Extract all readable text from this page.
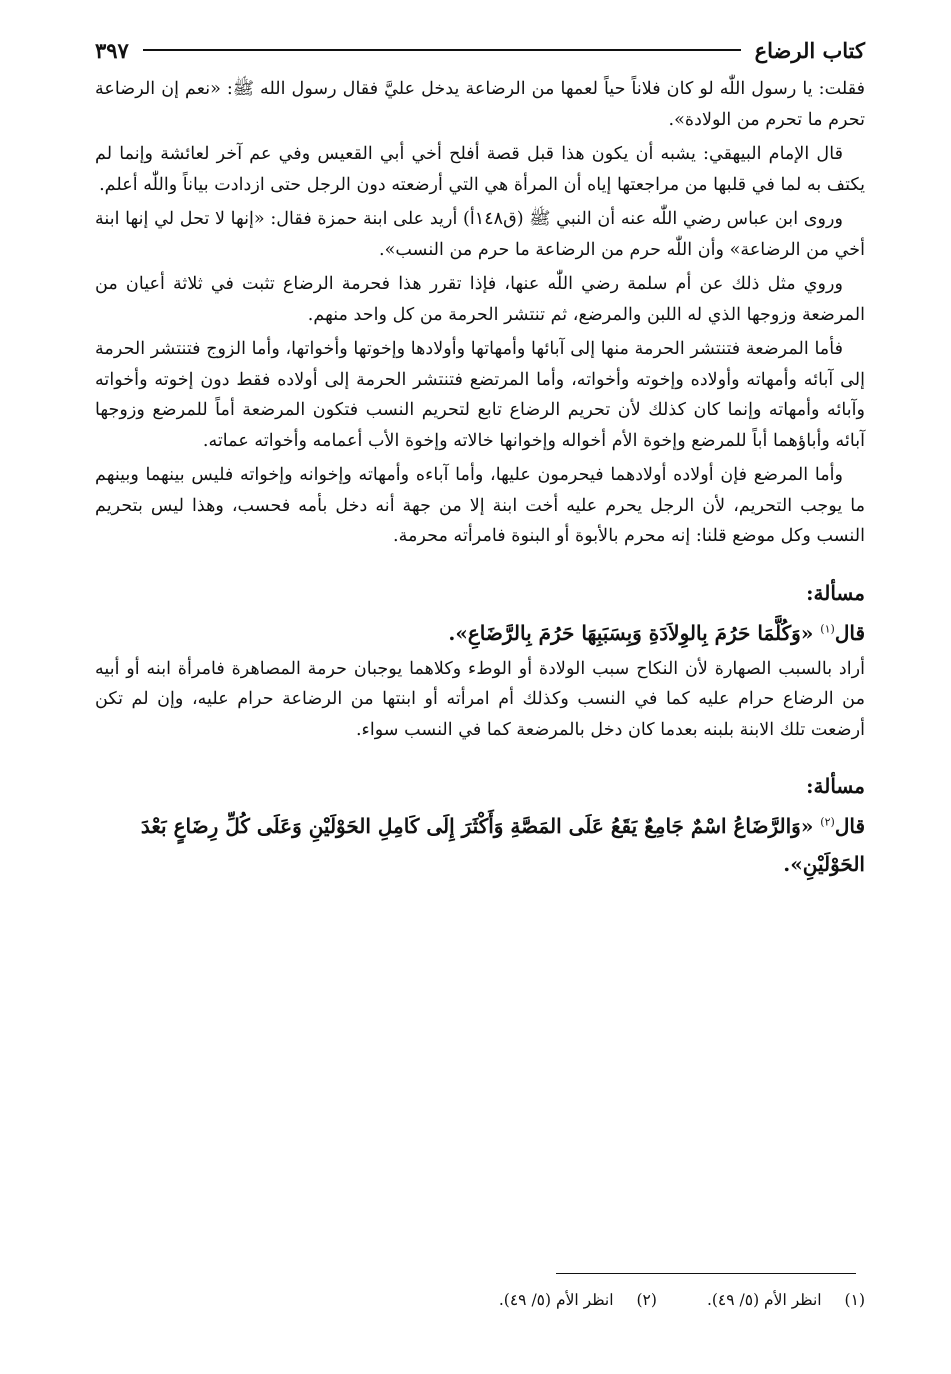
كتاب الرضاع
٣٩٧

فقلت: يا رسول اللّٰه لو كان فلاناً حياً لعمها من الرضاعة يدخل عليَّ فقال رسول الله ﷺ: «نعم إن الرضاعة تحرم ما تحرم من الولادة».

قال الإمام البيهقي: يشبه أن يكون هذا قبل قصة أفلح أخي أبي القعيس وفي عم آخر لعائشة وإنما لم يكتف به لما في قلبها من مراجعتها إياه أن المرأة هي التي أرضعته دون الرجل حتى ازدادت بياناً واللّٰه أعلم.

وروى ابن عباس رضي اللّٰه عنه أن النبي ﷺ (ق١٤٨أ) أريد على ابنة حمزة فقال: «إنها لا تحل لي إنها ابنة أخي من الرضاعة» وأن اللّٰه حرم من الرضاعة ما حرم من النسب».

وروي مثل ذلك عن أم سلمة رضي اللّٰه عنها، فإذا تقرر هذا فحرمة الرضاع تثبت في ثلاثة أعيان من المرضعة وزوجها الذي له اللبن والمرضع، ثم تنتشر الحرمة من كل واحد منهم.

فأما المرضعة فتنتشر الحرمة منها إلى آبائها وأمهاتها وأولادها وإخوتها وأخواتها، وأما الزوج فتنتشر الحرمة إلى آبائه وأمهاته وأولاده وإخوته وأخواته، وأما المرتضع فتنتشر الحرمة إلى أولاده فقط دون إخوته وأخواته وآبائه وأمهاته وإنما كان كذلك لأن تحريم الرضاع تابع لتحريم النسب فتكون المرضعة أماً للمرضع وزوجها آبائه وأباؤهما أباً للمرضع وإخوة الأم أخواله وإخوانها خالاته وإخوة الأب أعمامه وأخواته عماته.

وأما المرضع فإن أولاده أولادهما فيحرمون عليها، وأما آباءه وأمهاته وإخوانه وإخواته فليس بينهما وبينهم ما يوجب التحريم، لأن الرجل يحرم عليه أخت ابنة إلا من جهة أنه دخل بأمه فحسب، وهذا ليس بتحريم النسب وكل موضع قلنا: إنه محرم بالأبوة أو البنوة فامرأته محرمة.

مسألة:
قال$^{(١)}$ «وَكُلَّمَا حَرُمَ بِالوِلاَدَةِ وَبِسَبَبِهَا حَرُمَ بِالرَّضَاعِ».

أراد بالسبب الصهارة لأن النكاح سبب الولادة أو الوطء وكلاهما يوجبان حرمة المصاهرة فامرأة ابنه أو أبيه من الرضاع حرام عليه كما في النسب وكذلك أم امرأته أو ابنتها من الرضاعة حرام عليه، وإن لم تكن أرضعت تلك الابنة بلبنه بعدما كان دخل بالمرضعة كما في النسب سواء.

مسألة:
قال$^{(٢)}$ «وَالرَّضَاعُ اسْمٌ جَامِعٌ يَقَعُ عَلَى المَصَّةِ وَأَكْثَرَ إِلَى كَامِلِ الحَوْلَيْنِ وَعَلَى كُلِّ رِضَاعٍ بَعْدَ الحَوْلَيْنِ».
(١) انظر الأم (٥/ ٤٩).
(٢) انظر الأم (٥/ ٤٩).
